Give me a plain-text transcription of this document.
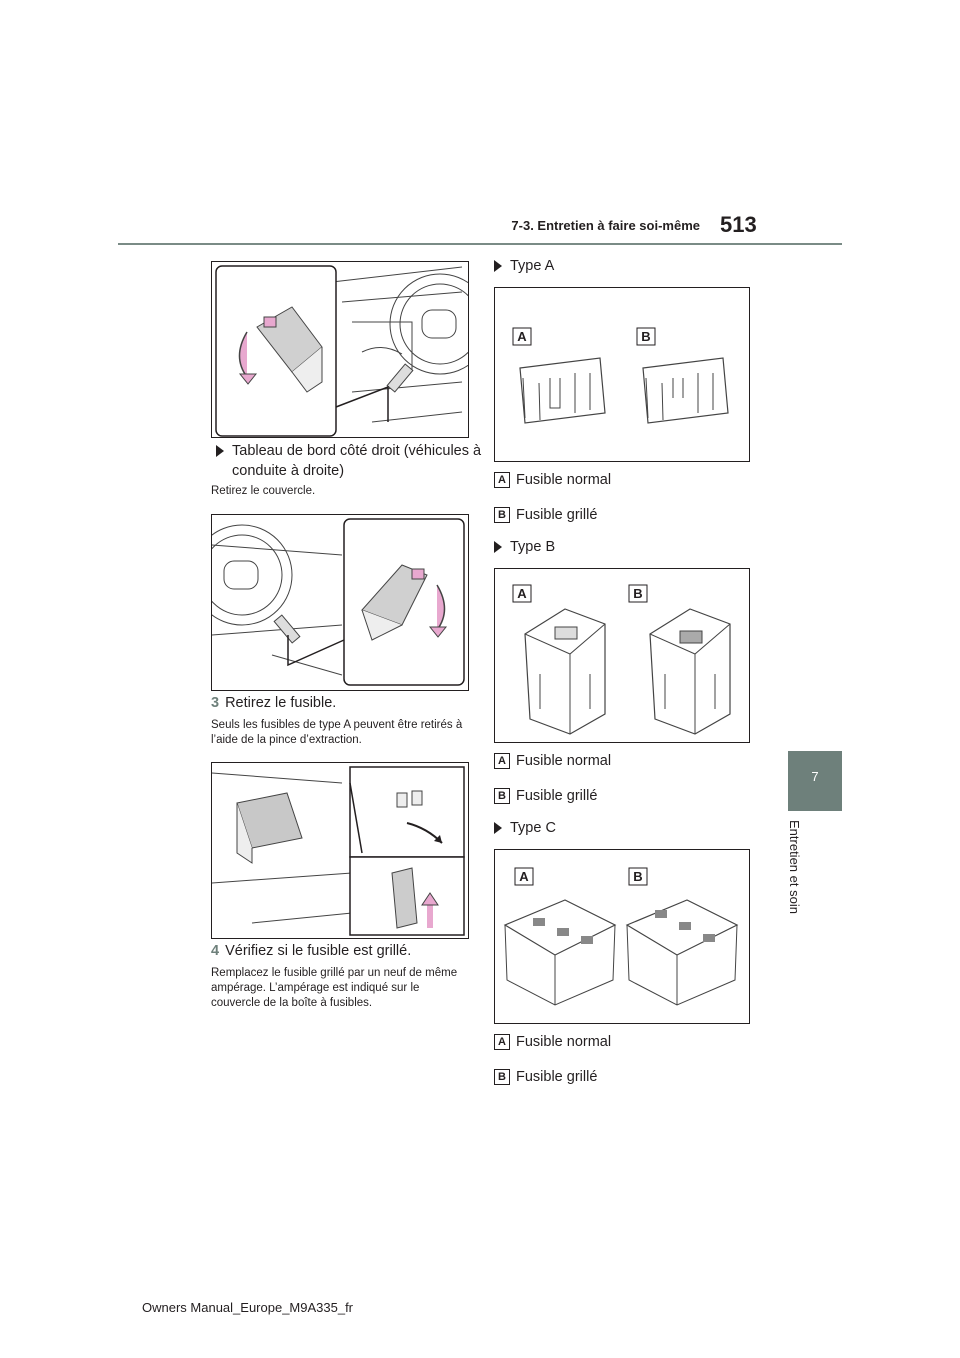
7-3. Entretien à faire soi-même 513
7
Entretien et soin
Tableau de bord côté droit (véhicules à conduite à droite)
Retirez le couvercle.
3 Retirez le fusible.
Seuls les fusibles de type A peuvent être retirés à l’aide de la pince d’extraction.
4 Vérifiez si le fusible est grillé.
Remplacez le fusible grillé par un neuf de même ampérage. L’ampérage est indiqué sur le couvercle de la boîte à fusibles.
Type A
A	B
A Fusible normal
B Fusible grillé
Type B
A	B
A Fusible normal
B Fusible grillé
Type C
A	B
A Fusible normal
B Fusible grillé
Owners Manual_Europe_M9A335_fr
